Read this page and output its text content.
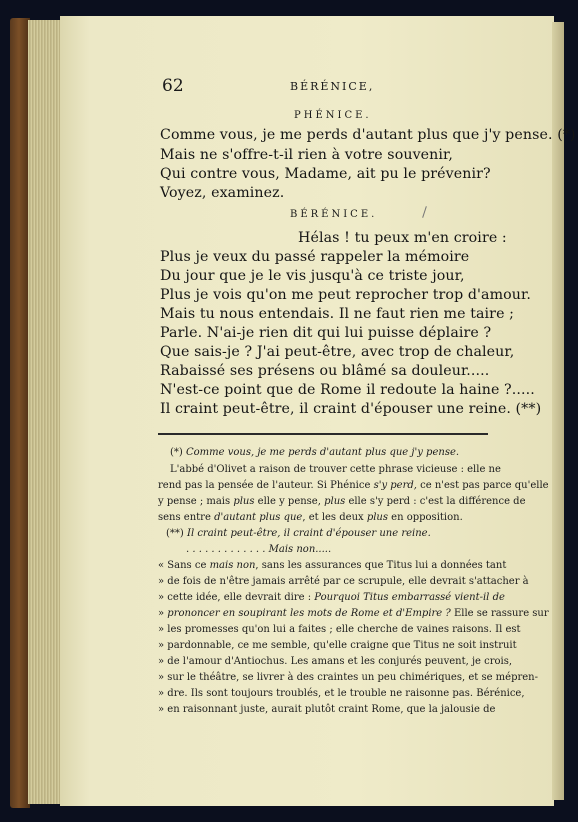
62	BÉRÉNICE,
PHÉNICE.
Comme vous, je me perds d'autant plus que j'y pense. (*)
Mais ne s'offre-t-il rien à votre souvenir,
Qui contre vous, Madame, ait pu le prévenir?
Voyez, examinez.
BÉRÉNICE.
Hélas ! tu peux m'en croire :
Plus je veux du passé rappeler la mémoire
Du jour que je le vis jusqu'à ce triste jour,
Plus je vois qu'on me peut reprocher trop d'amour.
Mais tu nous entendais. Il ne faut rien me taire ;
Parle. N'ai-je rien dit qui lui puisse déplaire ?
Que sais-je ? J'ai peut-être, avec trop de chaleur,
Rabaissé ses présens ou blâmé sa douleur.....
N'est-ce point que de Rome il redoute la haine ?.....
Il craint peut-être, il craint d'épouser une reine. (**)
(*) Comme vous, je me perds d'autant plus que j'y pense.
L'abbé d'Olivet a raison de trouver cette phrase vicieuse : elle ne
rend pas la pensée de l'auteur. Si Phénice s'y perd, ce n'est pas parce qu'elle
y pense ; mais plus elle y pense, plus elle s'y perd : c'est la différence de
sens entre d'autant plus que, et les deux plus en opposition.
(**) Il craint peut-être, il craint d'épouser une reine.
. . . . . . . . . . . . . Mais non.....
« Sans ce mais non, sans les assurances que Titus lui a données tant
» de fois de n'être jamais arrêté par ce scrupule, elle devrait s'attacher à
» cette idée, elle devrait dire : Pourquoi Titus embarrassé vient-il de
» prononcer en soupirant les mots de Rome et d'Empire ? Elle se rassure sur
» les promesses qu'on lui a faites ; elle cherche de vaines raisons. Il est
» pardonnable, ce me semble, qu'elle craigne que Titus ne soit instruit
» de l'amour d'Antiochus. Les amans et les conjurés peuvent, je crois,
» sur le théâtre, se livrer à des craintes un peu chimériques, et se mépren-
» dre. Ils sont toujours troublés, et le trouble ne raisonne pas. Bérénice,
» en raisonnant juste, aurait plutôt craint Rome, que la jalousie de
